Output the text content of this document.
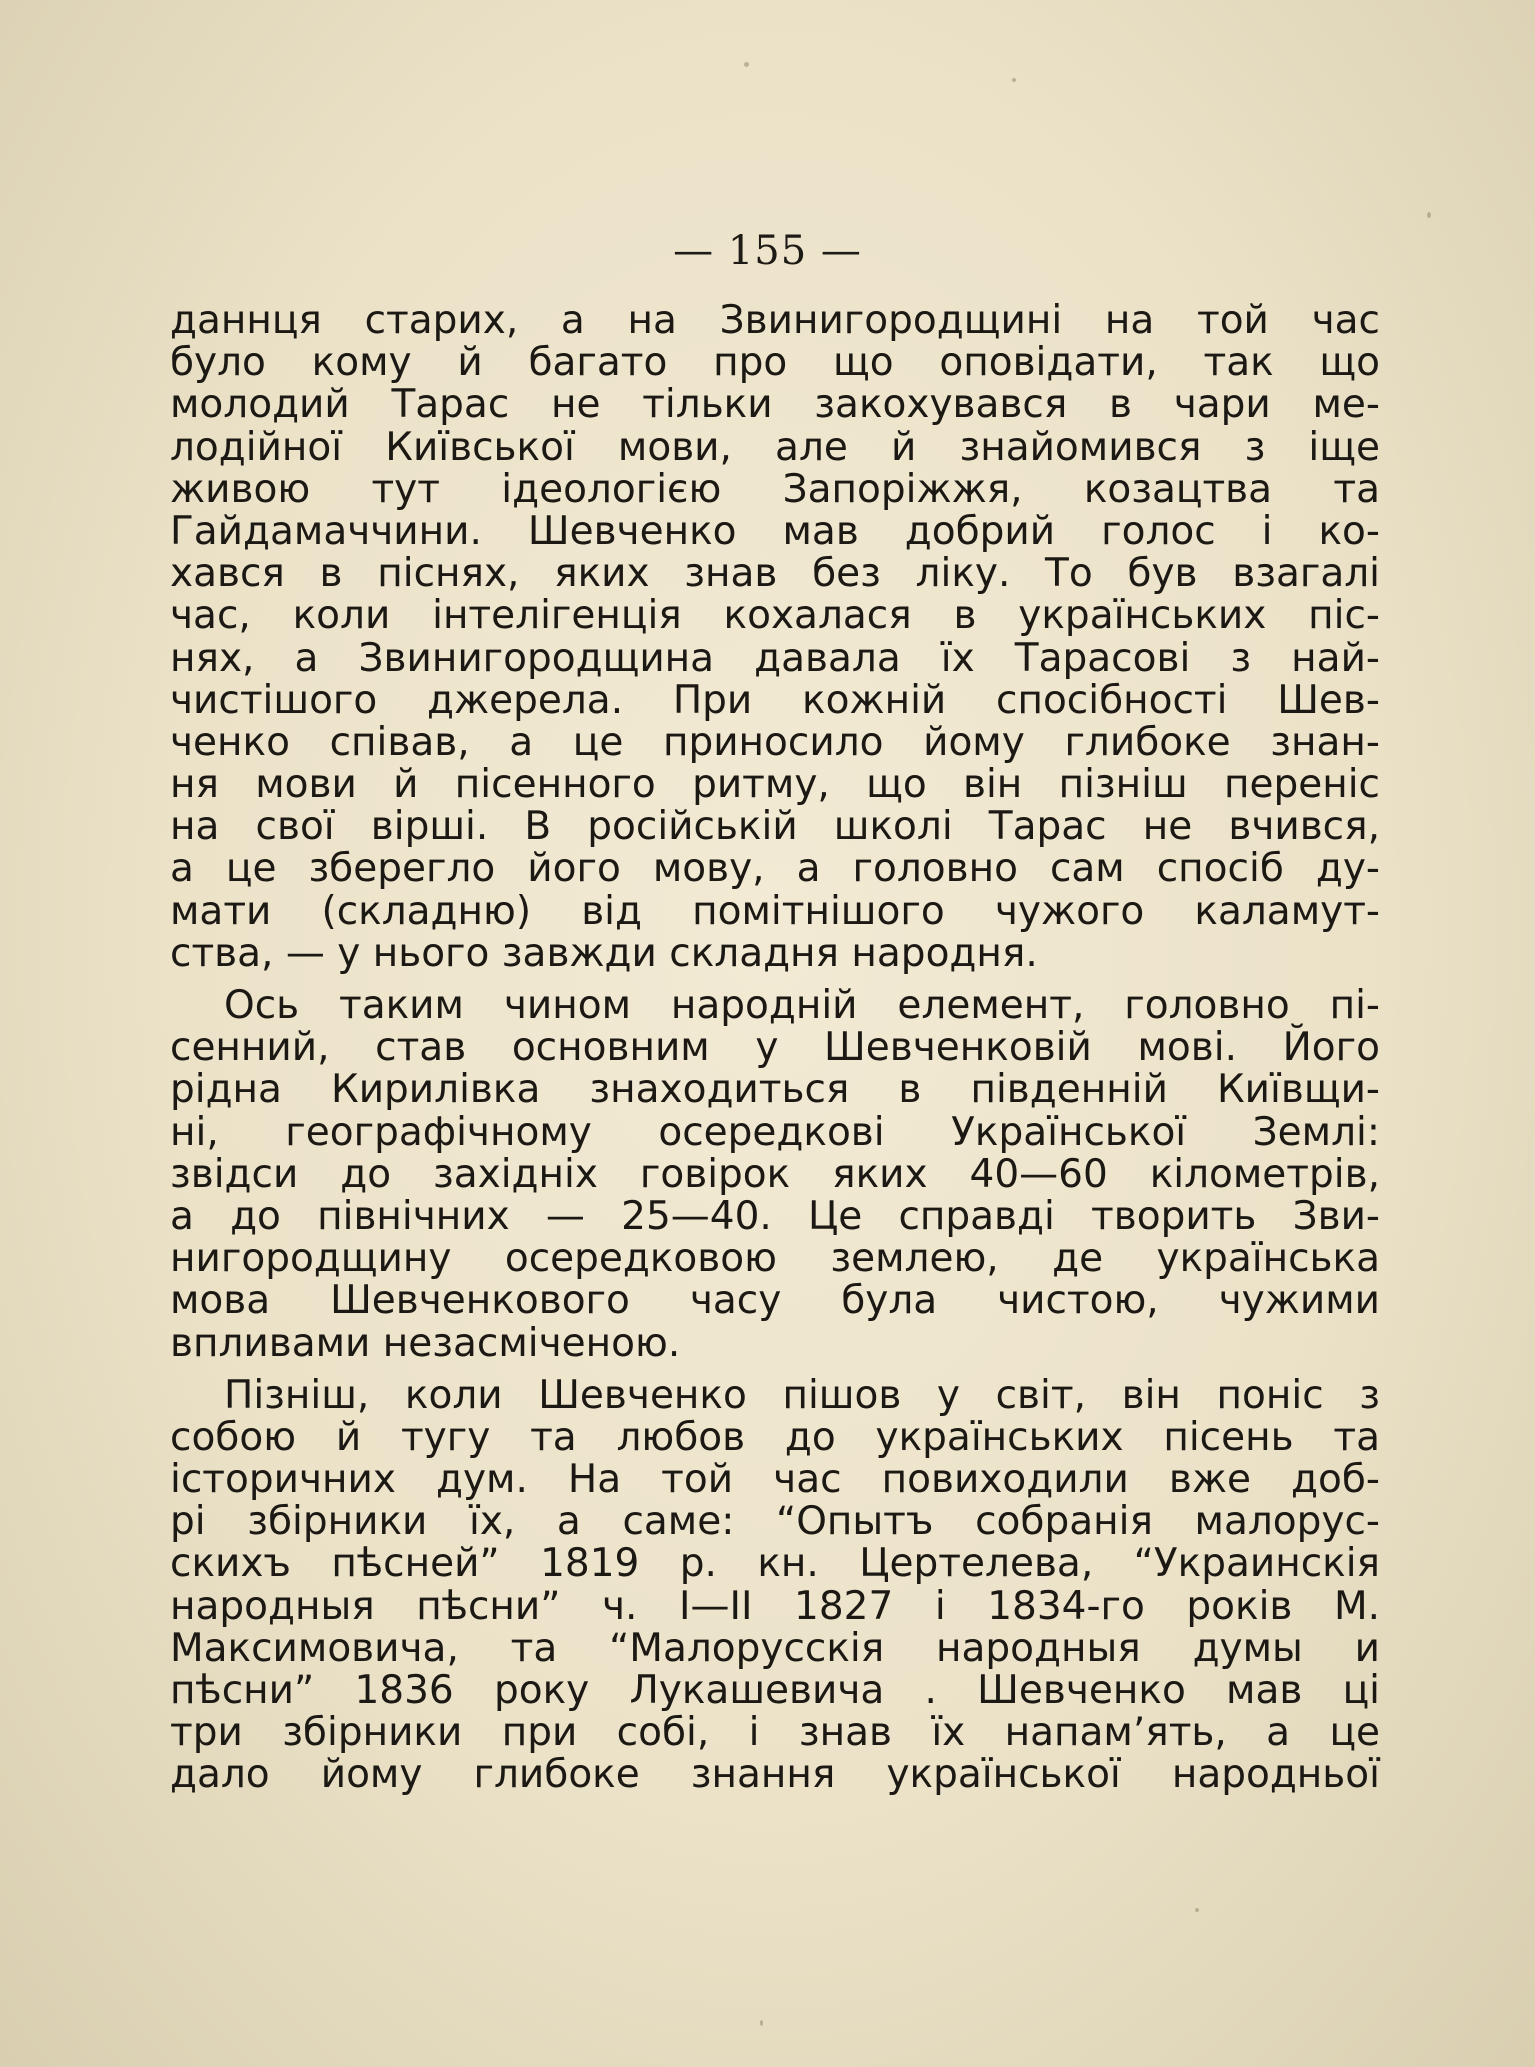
— 155 —
даннця старих, а на Звинигородщині на той час
було кому й багато про що оповідати, так що
молодий Тарас не тільки закохувався в чари ме-
лодійної Київської мови, але й знайомився з іще
живою тут ідеологією Запоріжжя, козацтва та
Гайдамаччини. Шевченко мав добрий голос і ко-
хався в піснях, яких знав без ліку. То був взагалі
час, коли інтелігенція кохалася в українських піс-
нях, а Звинигородщина давала їх Тарасові з най-
чистішого джерела. При кожній спосібності Шев-
ченко співав, а це приносило йому глибоке знан-
ня мови й пісенного ритму, що він пізніш переніс
на свої вірші. В російській школі Тарас не вчився,
а це зберегло його мову, а головно сам спосіб ду-
мати (складню) від помітнішого чужого каламут-
ства, — у нього завжди складня народня.
Ось таким чином народній елемент, головно пі-
сенний, став основним у Шевченковій мові. Його
рідна Кирилівка знаходиться в південній Київщи-
ні, географічному осередкові Української Землі:
звідси до західніх говірок яких 40—60 кілометрів,
а до північних — 25—40. Це справді творить Зви-
нигородщину осередковою землею, де українська
мова Шевченкового часу була чистою, чужими
впливами незасміченою.
Пізніш, коли Шевченко пішов у світ, він поніс з
собою й тугу та любов до українських пісень та
історичних дум. На той час повиходили вже доб-
рі збірники їх, а саме: “Опытъ собранія малорус-
скихъ пѣсней” 1819 р. кн. Цертелева, “Украинскія
народныя пѣсни” ч. I—II 1827 і 1834-го років М.
Максимовича, та “Малорусскія народныя думы и
пѣсни” 1836 року Лукашевича . Шевченко мав ці
три збірники при собі, і знав їх напам’ять, а це
дало йому глибоке знання української народньої
